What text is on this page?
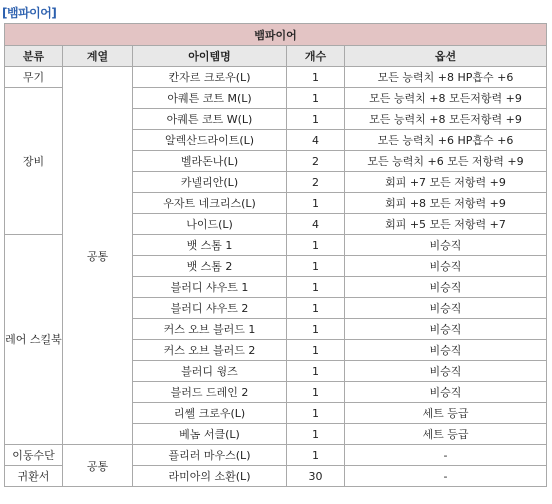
[뱀파이어]
뱀파이어				
분류	계열	아이템명	개수	옵션
무기	공통	칸자르 크로우(L)	1	모든 능력치 +8 HP흡수 +6
장비		아퀘튼 코트 M(L)	1	모든 능력치 +8 모든저항력 +9
		아퀘튼 코트 W(L)	1	모든 능력치 +8 모든저항력 +9
		알렉산드라이트(L)	4	모든 능력치 +6 HP흡수 +6
		벨라돈나(L)	2	모든 능력치 +6 모든 저항력 +9
		카넬리안(L)	2	회피 +7 모든 저항력 +9
		우자트 네크리스(L)	1	회피 +8 모든 저항력 +9
		나이드(L)	4	회피 +5 모든 저항력 +7
레어 스킬북		뱃 스톰 1	1	비승직
		뱃 스톰 2	1	비승직
		블러디 샤우트 1	1	비승직
		블러디 샤우트 2	1	비승직
		커스 오브 블러드 1	1	비승직
		커스 오브 블러드 2	1	비승직
		블러디 윙즈	1	비승직
		블러드 드레인 2	1	비승직
		리쎌 크로우(L)	1	세트 등급
		베놈 서클(L)	1	세트 등급
이동수단	공통	플리러 마우스(L)	1	-
귀환서		라미아의 소환(L)	30	-
